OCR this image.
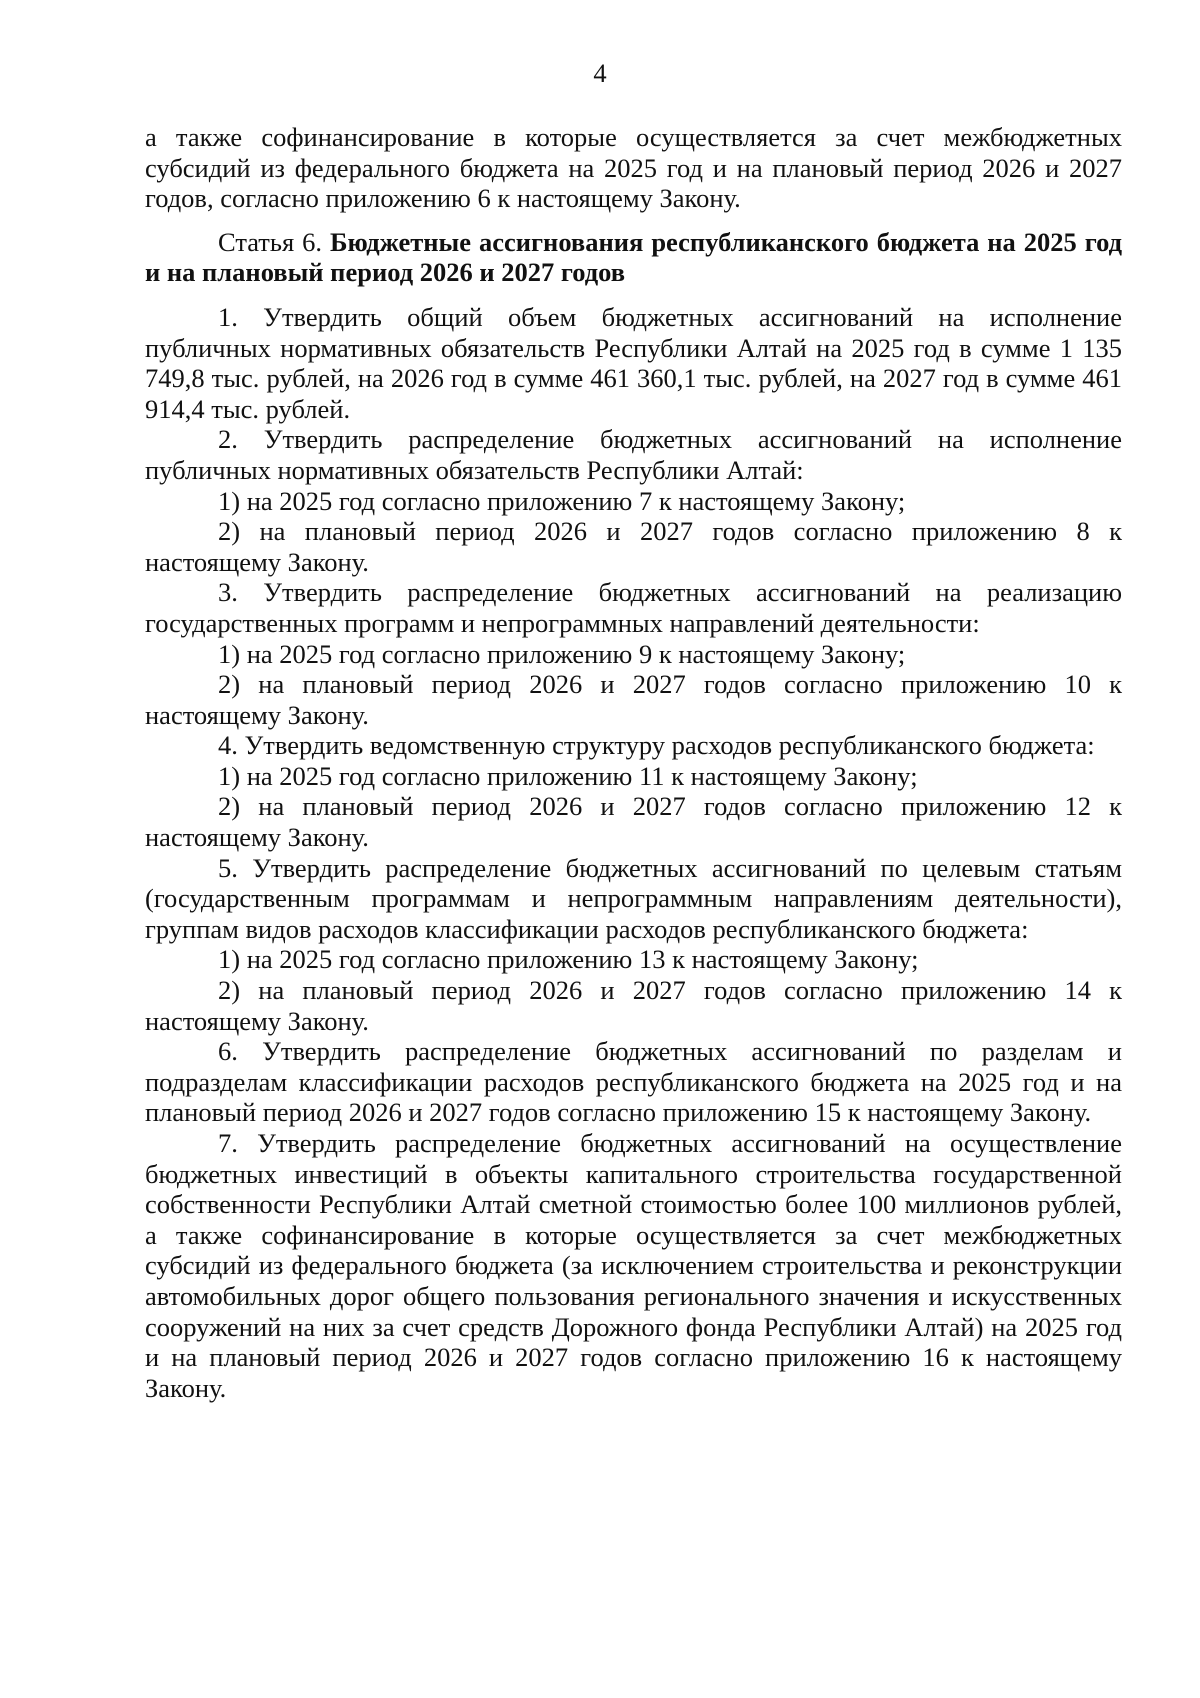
4

а также софинансирование в которые осуществляется за счет межбюджетных субсидий из федерального бюджета на 2025 год и на плановый период 2026 и 2027 годов, согласно приложению 6 к настоящему Закону.

Статья 6. Бюджетные ассигнования республиканского бюджета на 2025 год и на плановый период 2026 и 2027 годов

1. Утвердить общий объем бюджетных ассигнований на исполнение публичных нормативных обязательств Республики Алтай на 2025 год в сумме 1 135 749,8 тыс. рублей, на 2026 год в сумме 461 360,1 тыс. рублей, на 2027 год в сумме 461 914,4 тыс. рублей.

2. Утвердить распределение бюджетных ассигнований на исполнение публичных нормативных обязательств Республики Алтай:

1) на 2025 год согласно приложению 7 к настоящему Закону;

2) на плановый период 2026 и 2027 годов согласно приложению 8 к настоящему Закону.

3. Утвердить распределение бюджетных ассигнований на реализацию государственных программ и непрограммных направлений деятельности:

1) на 2025 год согласно приложению 9 к настоящему Закону;

2) на плановый период 2026 и 2027 годов согласно приложению 10 к настоящему Закону.

4. Утвердить ведомственную структуру расходов республиканского бюджета:

1) на 2025 год согласно приложению 11 к настоящему Закону;

2) на плановый период 2026 и 2027 годов согласно приложению 12 к настоящему Закону.

5. Утвердить распределение бюджетных ассигнований по целевым статьям (государственным программам и непрограммным направлениям деятельности), группам видов расходов классификации расходов республиканского бюджета:

1) на 2025 год согласно приложению 13 к настоящему Закону;

2) на плановый период 2026 и 2027 годов согласно приложению 14 к настоящему Закону.

6. Утвердить распределение бюджетных ассигнований по разделам и подразделам классификации расходов республиканского бюджета на 2025 год и на плановый период 2026 и 2027 годов согласно приложению 15 к настоящему Закону.

7. Утвердить распределение бюджетных ассигнований на осуществление бюджетных инвестиций в объекты капитального строительства государственной собственности Республики Алтай сметной стоимостью более 100 миллионов рублей, а также софинансирование в которые осуществляется за счет межбюджетных субсидий из федерального бюджета (за исключением строительства и реконструкции автомобильных дорог общего пользования регионального значения и искусственных сооружений на них за счет средств Дорожного фонда Республики Алтай) на 2025 год и на плановый период 2026 и 2027 годов согласно приложению 16 к настоящему Закону.
